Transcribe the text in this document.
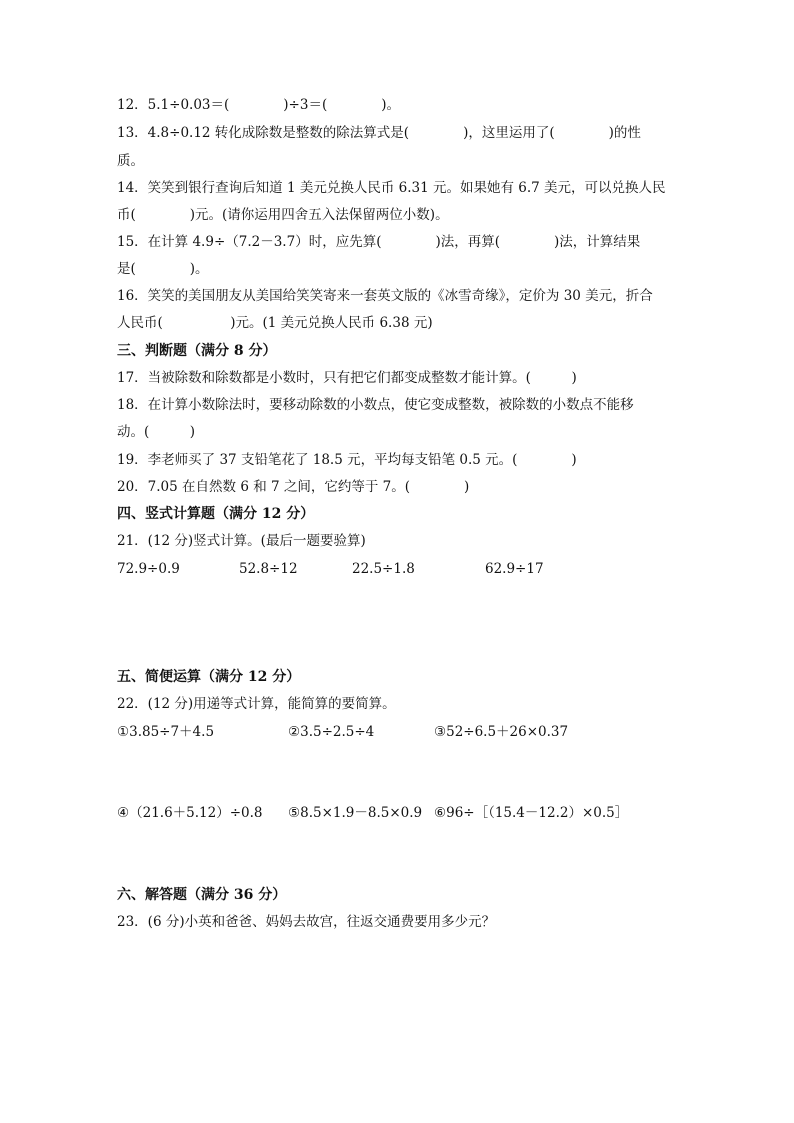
12．5.1÷0.03＝(　　　　)÷3＝(　　　　)。
13．4.8÷0.12 转化成除数是整数的除法算式是(　　　　)，这里运用了(　　　　)的性
质。
14．笑笑到银行查询后知道 1 美元兑换人民币 6.31 元。如果她有 6.7 美元，可以兑换人民
币(　　　　)元。(请你运用四舍五入法保留两位小数)。
15．在计算 4.9÷（7.2－3.7）时，应先算(　　　　)法，再算(　　　　)法，计算结果
是(　　　　)。
16．笑笑的美国朋友从美国给笑笑寄来一套英文版的《冰雪奇缘》，定价为 30 美元，折合
人民币(　　　　　)元。(1 美元兑换人民币 6.38 元)
三、判断题（满分 8 分）
17．当被除数和除数都是小数时，只有把它们都变成整数才能计算。(　　　)
18．在计算小数除法时，要移动除数的小数点，使它变成整数，被除数的小数点不能移
动。(　　　)
19．李老师买了 37 支铅笔花了 18.5 元，平均每支铅笔 0.5 元。(　　　　)
20．7.05 在自然数 6 和 7 之间，它约等于 7。(　　　　)
四、竖式计算题（满分 12 分）
21．(12 分)竖式计算。(最后一题要验算)
72.9÷0.9	52.8÷12	22.5÷1.8	62.9÷17
五、简便运算（满分 12 分）
22．(12 分)用递等式计算，能简算的要简算。
①3.85÷7＋4.5	②3.5÷2.5÷4	③52÷6.5＋26×0.37
④（21.6＋5.12）÷0.8 ⑤8.5×1.9－8.5×0.9 ⑥96÷［（15.4－12.2）×0.5］
六、解答题（满分 36 分）
23．(6 分)小英和爸爸、妈妈去故宫，往返交通费要用多少元？
